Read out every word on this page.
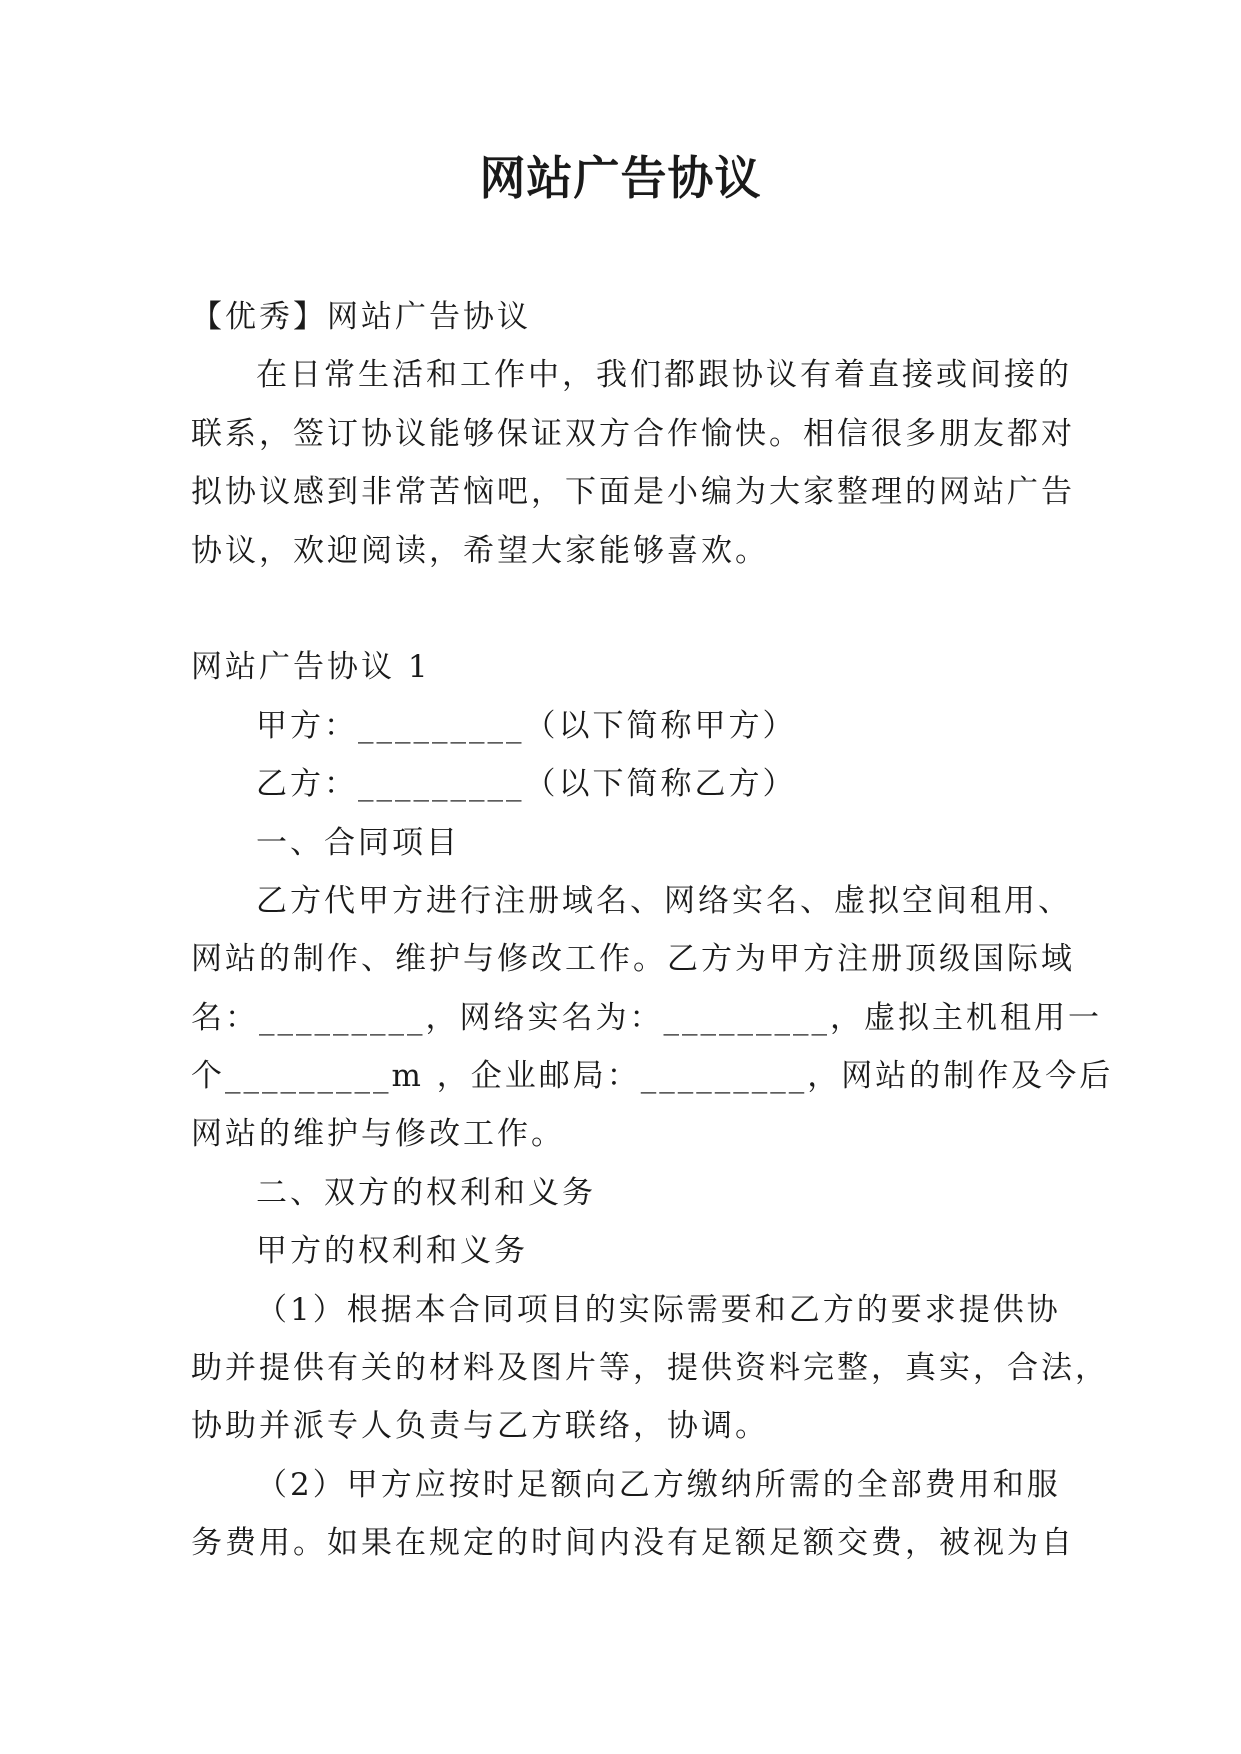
网站广告协议
【优秀】网站广告协议
在日常生活和工作中，我们都跟协议有着直接或间接的
联系，签订协议能够保证双方合作愉快。相信很多朋友都对
拟协议感到非常苦恼吧，下面是小编为大家整理的网站广告
协议，欢迎阅读，希望大家能够喜欢。
网站广告协议 1
甲方：_________（以下简称甲方）
乙方：_________（以下简称乙方）
一、合同项目
乙方代甲方进行注册域名、网络实名、虚拟空间租用、
网站的制作、维护与修改工作。乙方为甲方注册顶级国际域
名：_________，网络实名为：_________，虚拟主机租用一
个_________m ，企业邮局：_________，网站的制作及今后
网站的维护与修改工作。
二、双方的权利和义务
甲方的权利和义务
（1）根据本合同项目的实际需要和乙方的要求提供协
助并提供有关的材料及图片等，提供资料完整，真实，合法，
协助并派专人负责与乙方联络，协调。
（2）甲方应按时足额向乙方缴纳所需的全部费用和服
务费用。如果在规定的时间内没有足额足额交费，被视为自
